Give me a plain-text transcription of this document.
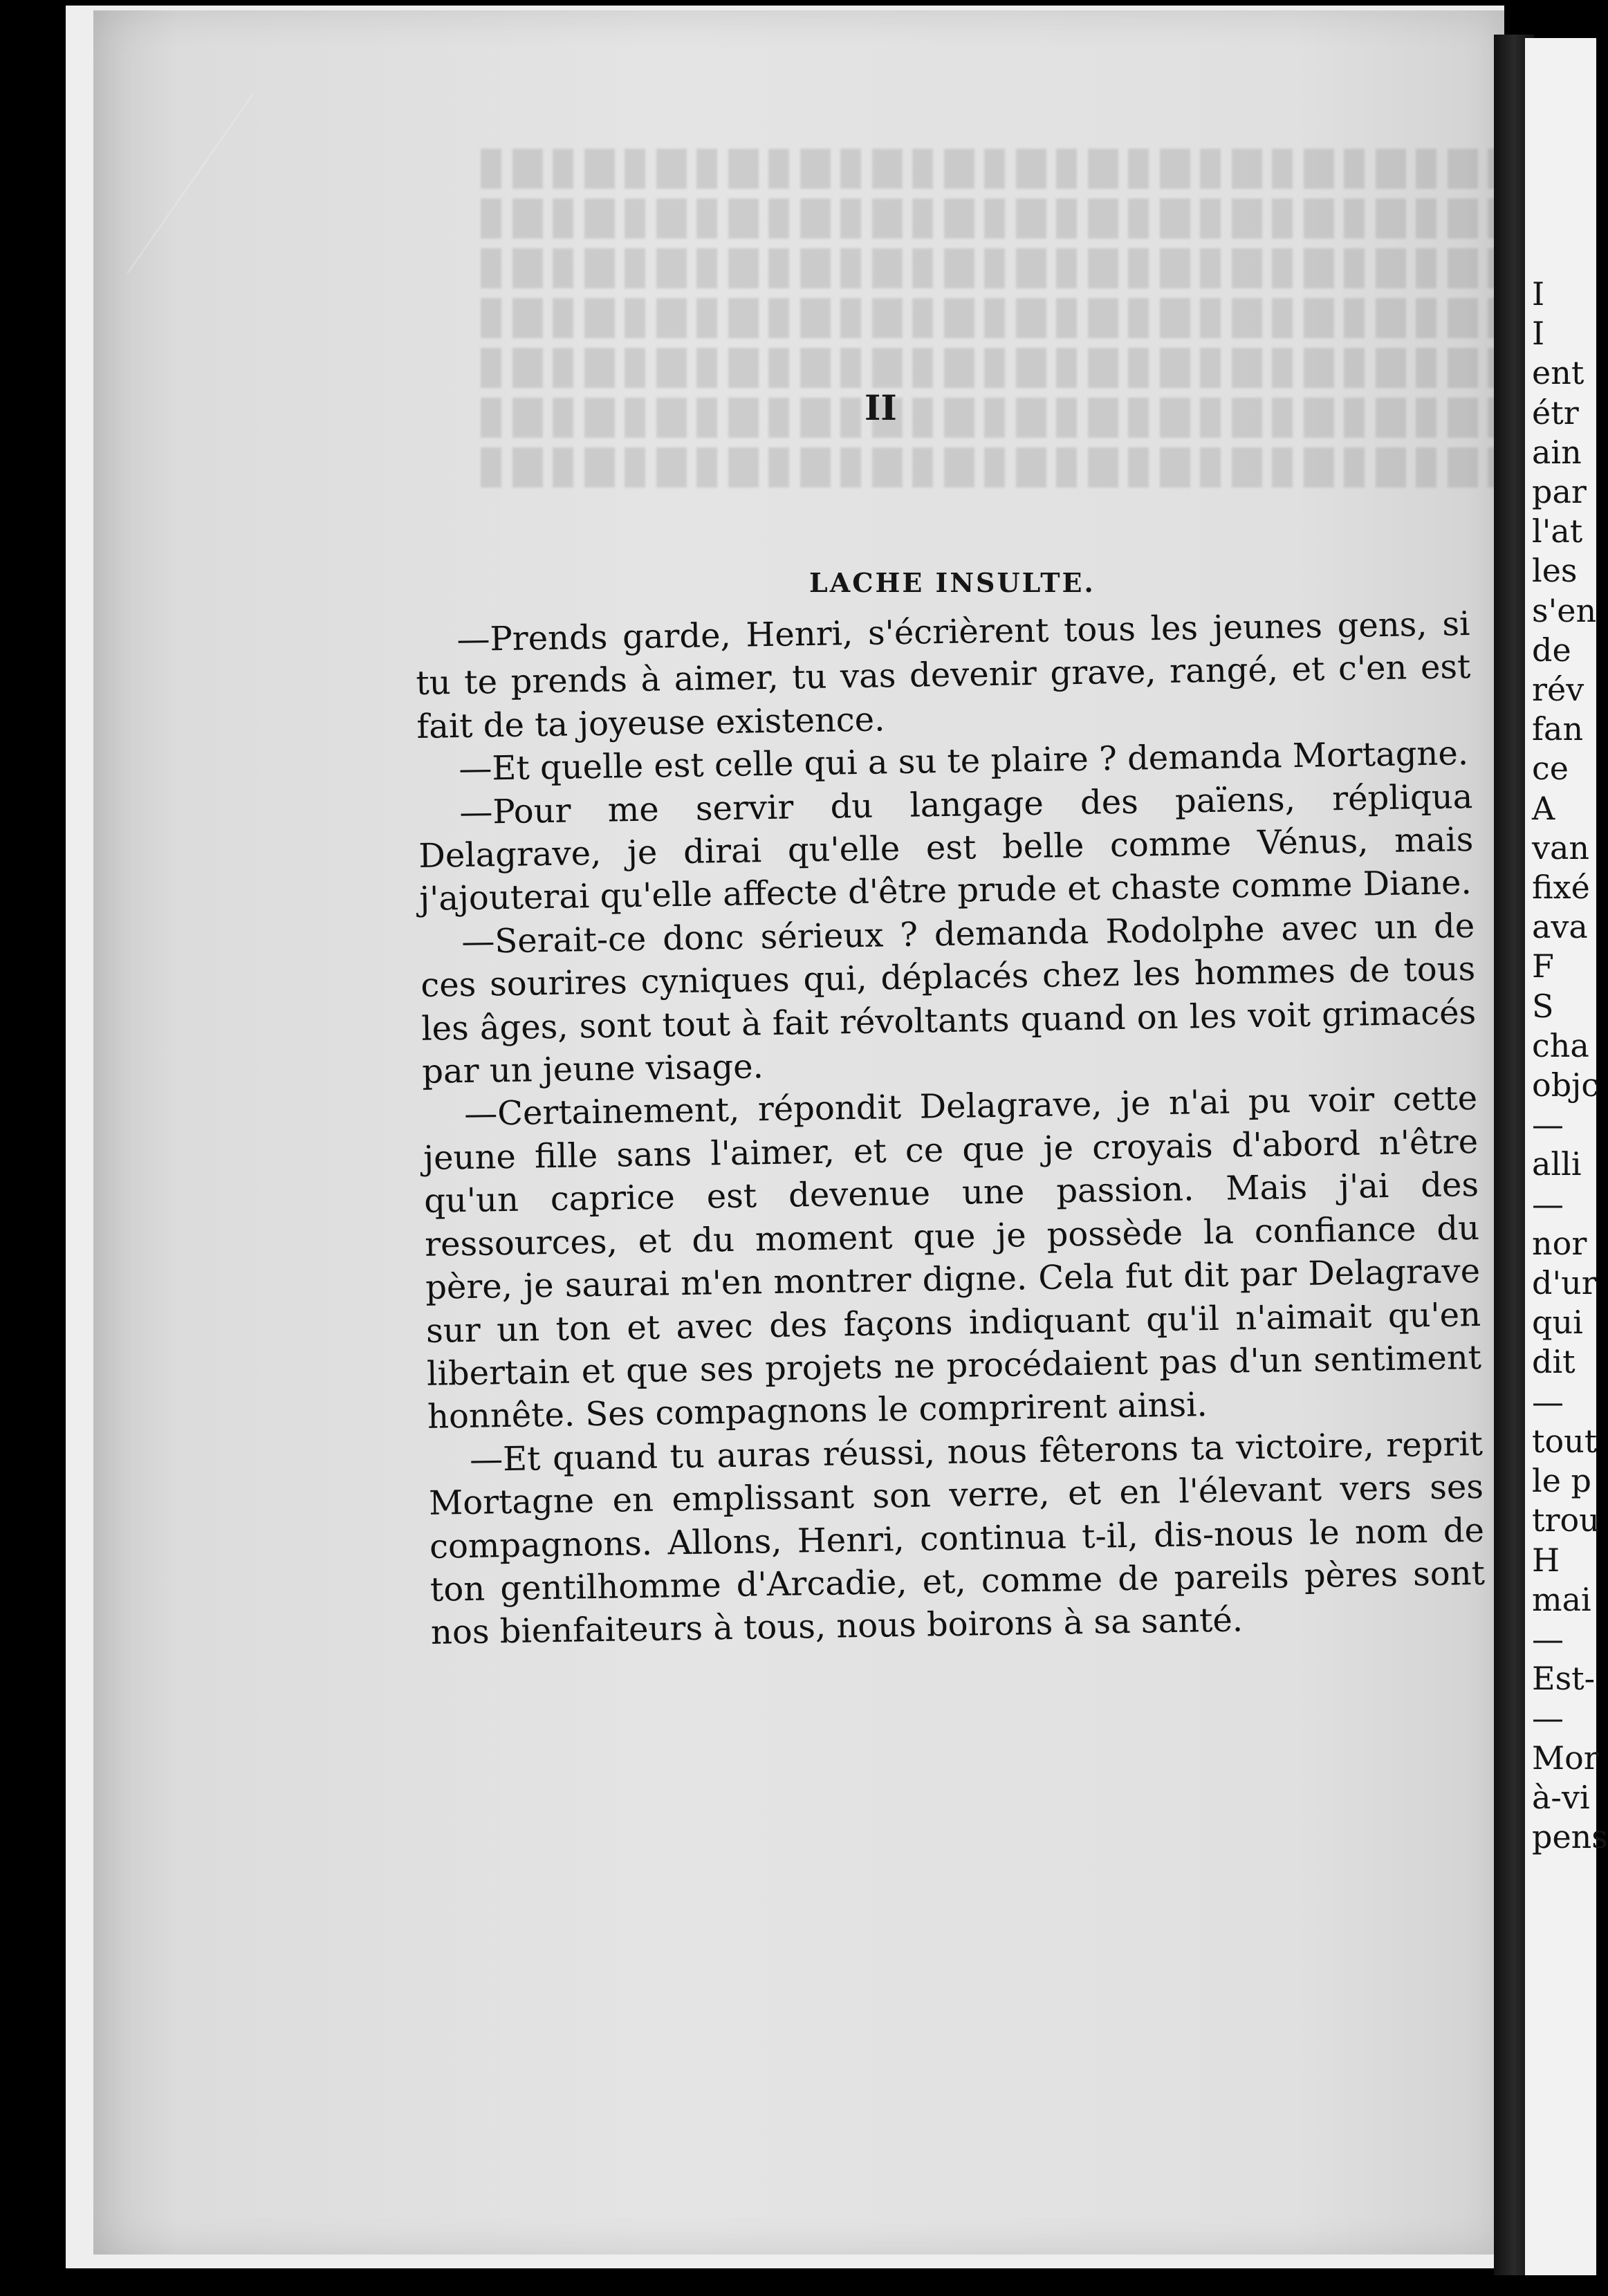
II
LACHE INSULTE.

—Prends garde, Henri, s'écrièrent tous les jeunes gens, si tu te prends à aimer, tu vas devenir grave, rangé, et c'en est fait de ta joyeuse existence.

—Et quelle est celle qui a su te plaire ? demanda Mortagne.

—Pour me servir du langage des païens, répliqua Delagrave, je dirai qu'elle est belle comme Vénus, mais j'ajouterai qu'elle affecte d'être prude et chaste comme Diane.

—Serait-ce donc sérieux ? demanda Rodolphe avec un de ces sourires cyniques qui, déplacés chez les hommes de tous les âges, sont tout à fait révoltants quand on les voit grimacés par un jeune visage.

—Certainement, répondit Delagrave, je n'ai pu voir cette jeune fille sans l'aimer, et ce que je croyais d'abord n'être qu'un caprice est devenue une passion. Mais j'ai des ressources, et du moment que je possède la confiance du père, je saurai m'en montrer digne. Cela fut dit par Delagrave sur un ton et avec des façons indiquant qu'il n'aimait qu'en libertain et que ses projets ne procédaient pas d'un sentiment honnête. Ses compagnons le comprirent ainsi.

—Et quand tu auras réussi, nous fêterons ta victoire, reprit Mortagne en emplissant son verre, et en l'élevant vers ses compagnons. Allons, Henri, continua t-il, dis-nous le nom de ton gentilhomme d'Arcadie, et, comme de pareils pères sont nos bienfaiteurs à tous, nous boirons à sa santé.

I
I
ent
étr
ain
par
l'at
les
s'en
de
rév
fan
ce
A
van
fixé
ava
F
S
cha
objc
—
alli
—
nor
d'ur
qui
dit
—
tout
le p
trou
H
mai
—
Est-
—
Mor
à-vi
pens
